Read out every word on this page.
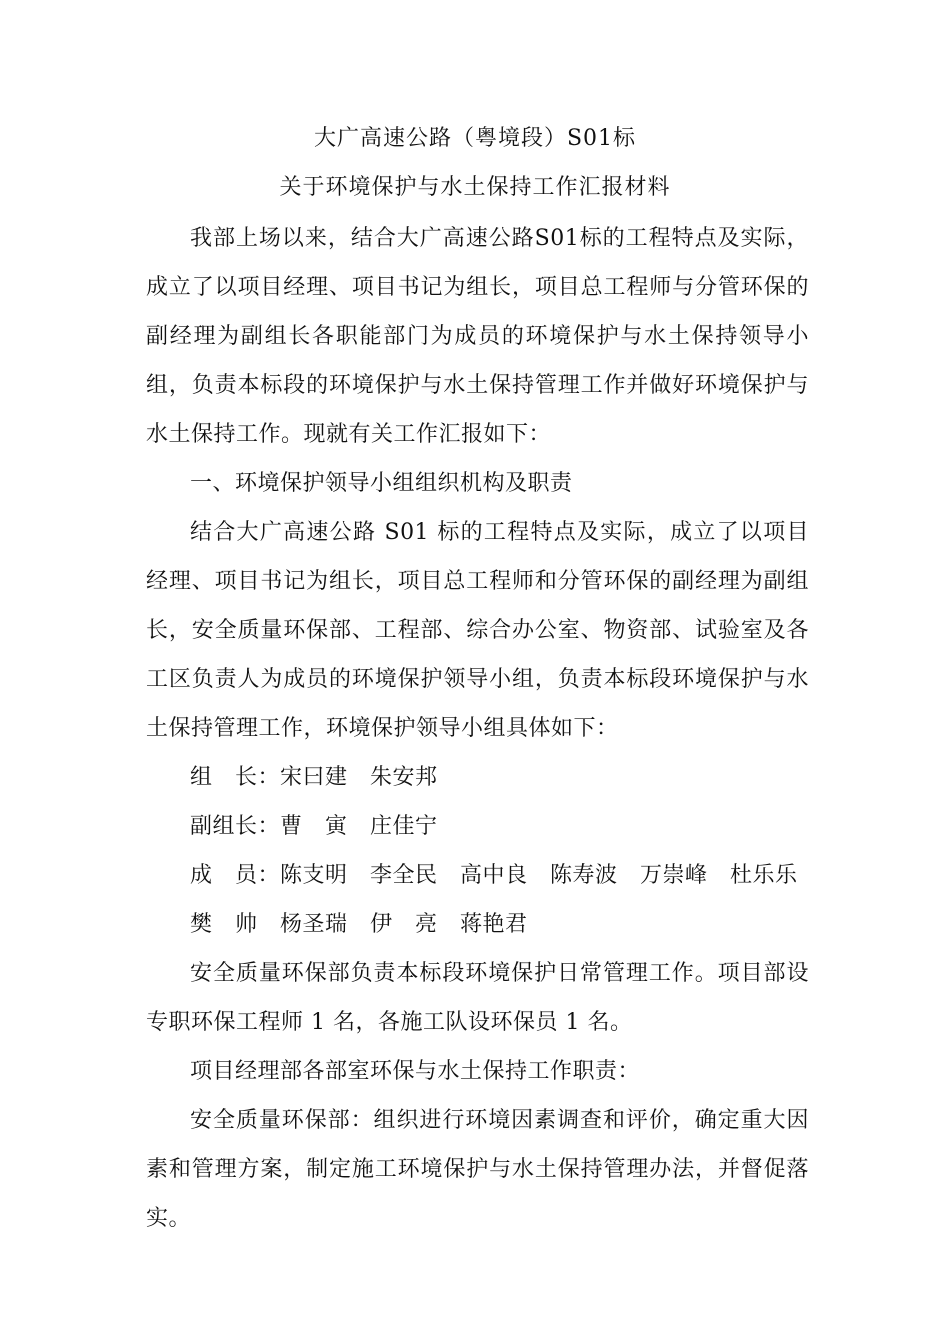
大广高速公路（粤境段）S01标
关于环境保护与水土保持工作汇报材料

我部上场以来，结合大广高速公路S01标的工程特点及实际，成立了以项目经理、项目书记为组长，项目总工程师与分管环保的副经理为副组长各职能部门为成员的环境保护与水土保持领导小组，负责本标段的环境保护与水土保持管理工作并做好环境保护与水土保持工作。现就有关工作汇报如下：

一、环境保护领导小组组织机构及职责

结合大广高速公路 S01 标的工程特点及实际，成立了以项目经理、项目书记为组长，项目总工程师和分管环保的副经理为副组长，安全质量环保部、工程部、综合办公室、物资部、试验室及各工区负责人为成员的环境保护领导小组，负责本标段环境保护与水土保持管理工作，环境保护领导小组具体如下：

组　长：宋曰建　朱安邦
副组长：曹　寅　庄佳宁
成　员：陈支明　李全民　高中良　陈寿波　万崇峰　杜乐乐
樊　帅　杨圣瑞　伊　亮　蒋艳君

安全质量环保部负责本标段环境保护日常管理工作。项目部设专职环保工程师 1 名，各施工队设环保员 1 名。

项目经理部各部室环保与水土保持工作职责：

安全质量环保部：组织进行环境因素调查和评价，确定重大因素和管理方案，制定施工环境保护与水土保持管理办法，并督促落实。
